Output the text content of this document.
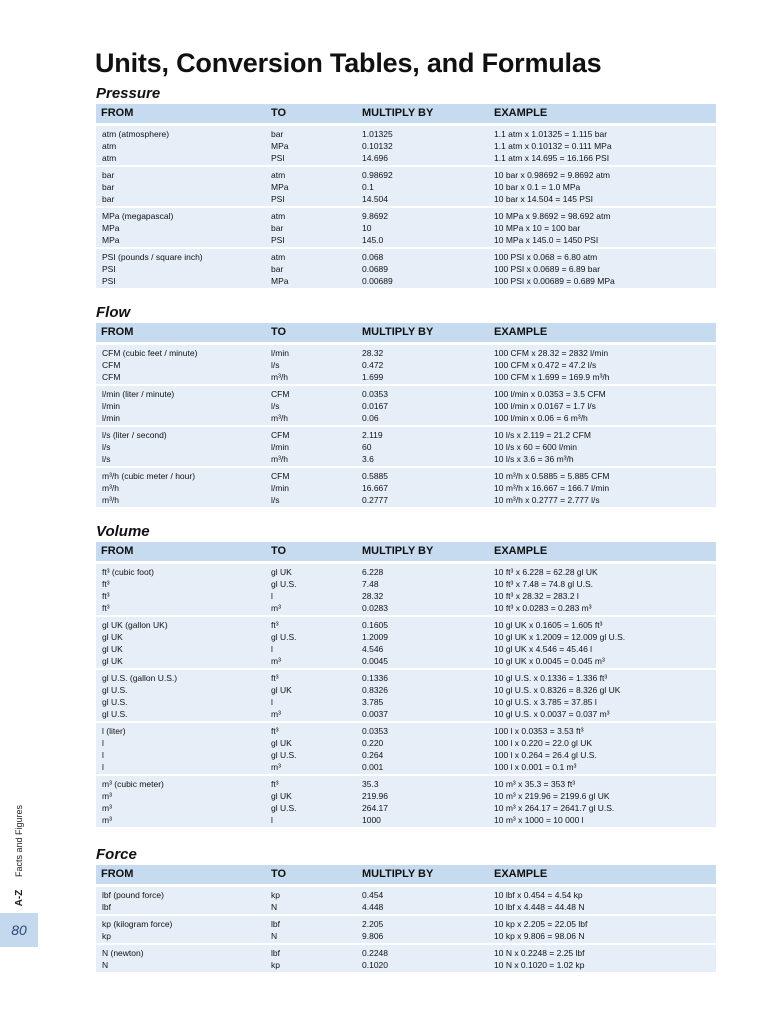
Facts and Figures
A-Z
80
Units, Conversion Tables, and Formulas
Pressure
FROM	TO	MULTIPLY BY	EXAMPLE
atm (atmosphere)	bar	1.01325	1.1 atm x 1.01325 = 1.115 bar
atm	MPa	0.10132	1.1 atm x 0.10132 = 0.111 MPa
atm	PSI	14.696	1.1 atm x 14.695 = 16.166 PSI
bar	atm	0.98692	10 bar x 0.98692 = 9.8692 atm
bar	MPa	0.1	10 bar x 0.1 = 1.0 MPa
bar	PSI	14.504	10 bar x 14.504 = 145 PSI
MPa (megapascal)	atm	9.8692	10 MPa x 9.8692 = 98.692 atm
MPa	bar	10	10 MPa x 10 = 100 bar
MPa	PSI	145.0	10 MPa x 145.0 = 1450 PSI
PSI (pounds / square inch)	atm	0.068	100 PSI x 0.068 = 6.80 atm
PSI	bar	0.0689	100 PSI x 0.0689 = 6.89 bar
PSI	MPa	0.00689	100 PSI x 0.00689 = 0.689 MPa
Flow
FROM	TO	MULTIPLY BY	EXAMPLE
CFM (cubic feet / minute)	l/min	28.32	100 CFM x 28.32 = 2832 l/min
CFM	l/s	0.472	100 CFM x 0.472 = 47.2 l/s
CFM	m³/h	1.699	100 CFM x 1.699 = 169.9 m³/h
l/min (liter / minute)	CFM	0.0353	100 l/min x 0.0353 = 3.5 CFM
l/min	l/s	0.0167	100 l/min x 0.0167 = 1.7 l/s
l/min	m³/h	0.06	100 l/min x 0.06 = 6 m³/h
l/s (liter / second)	CFM	2.119	10 l/s x 2.119 = 21.2 CFM
l/s	l/min	60	10 l/s x 60 = 600 l/min
l/s	m³/h	3.6	10 l/s x 3.6 = 36 m³/h
m³/h (cubic meter / hour)	CFM	0.5885	10 m³/h x 0.5885 = 5.885 CFM
m³/h	l/min	16.667	10 m³/h x 16.667 = 166.7 l/min
m³/h	l/s	0.2777	10 m³/h x 0.2777 = 2.777 l/s
Volume
FROM	TO	MULTIPLY BY	EXAMPLE
ft³ (cubic foot)	gl UK	6.228	10 ft³ x 6.228 = 62.28 gl UK
ft³	gl U.S.	7.48	10 ft³ x 7.48 = 74.8 gl U.S.
ft³	l	28.32	10 ft³ x 28.32 = 283.2 l
ft³	m³	0.0283	10 ft³ x 0.0283 = 0.283 m³
gl UK (gallon UK)	ft³	0.1605	10 gl UK x 0.1605 = 1.605 ft³
gl UK	gl U.S.	1.2009	10 gl UK x 1.2009 = 12.009 gl U.S.
gl UK	l	4.546	10 gl UK x 4.546 = 45.46 l
gl UK	m³	0.0045	10 gl UK x 0.0045 = 0.045 m³
gl U.S. (gallon U.S.)	ft³	0.1336	10 gl U.S. x 0.1336 = 1.336 ft³
gl U.S.	gl UK	0.8326	10 gl U.S. x 0.8326 = 8.326 gl UK
gl U.S.	l	3.785	10 gl U.S. x 3.785 = 37.85 l
gl U.S.	m³	0.0037	10 gl U.S. x 0.0037 = 0.037 m³
l (liter)	ft³	0.0353	100 l x 0.0353 = 3.53 ft³
l	gl UK	0.220	100 l x 0.220 = 22.0 gl UK
l	gl U.S.	0.264	100 l x 0.264 = 26.4 gl U.S.
l	m³	0.001	100 l x 0.001 = 0.1 m³
m³ (cubic meter)	ft³	35.3	10 m³ x 35.3 = 353 ft³
m³	gl UK	219.96	10 m³ x 219.96 = 2199.6 gl UK
m³	gl U.S.	264.17	10 m³ x 264.17 = 2641.7 gl U.S.
m³	l	1000	10 m³ x 1000 = 10 000 l
Force
FROM	TO	MULTIPLY BY	EXAMPLE
lbf (pound force)	kp	0.454	10 lbf x 0.454 = 4.54 kp
lbf	N	4.448	10 lbf x 4.448 = 44.48 N
kp (kilogram force)	lbf	2.205	10 kp x 2.205 = 22.05 lbf
kp	N	9.806	10 kp x 9.806 = 98.06 N
N (newton)	lbf	0.2248	10 N x 0.2248 = 2.25 lbf
N	kp	0.1020	10 N x 0.1020 = 1.02 kp
